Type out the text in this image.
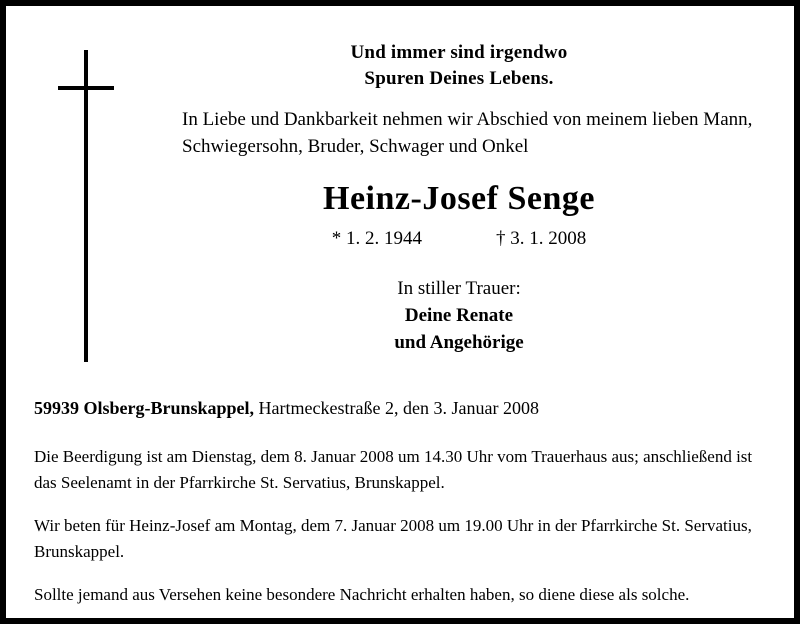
Und immer sind irgendwo
Spuren Deines Lebens.
In Liebe und Dankbarkeit nehmen wir Abschied von meinem lieben Mann, Schwiegersohn, Bruder, Schwager und Onkel
Heinz-Josef Senge
* 1. 2. 1944	† 3. 1. 2008
In stiller Trauer:
Deine Renate
und Angehörige
59939 Olsberg-Brunskappel, Hartmeckestraße 2, den 3. Januar 2008

Die Beerdigung ist am Dienstag, dem 8. Januar 2008 um 14.30 Uhr vom Trauerhaus aus; anschließend ist das Seelenamt in der Pfarrkirche St. Servatius, Brunskappel.

Wir beten für Heinz-Josef am Montag, dem 7. Januar 2008 um 19.00 Uhr in der Pfarrkirche St. Servatius, Brunskappel.

Sollte jemand aus Versehen keine besondere Nachricht erhalten haben, so diene diese als solche.
